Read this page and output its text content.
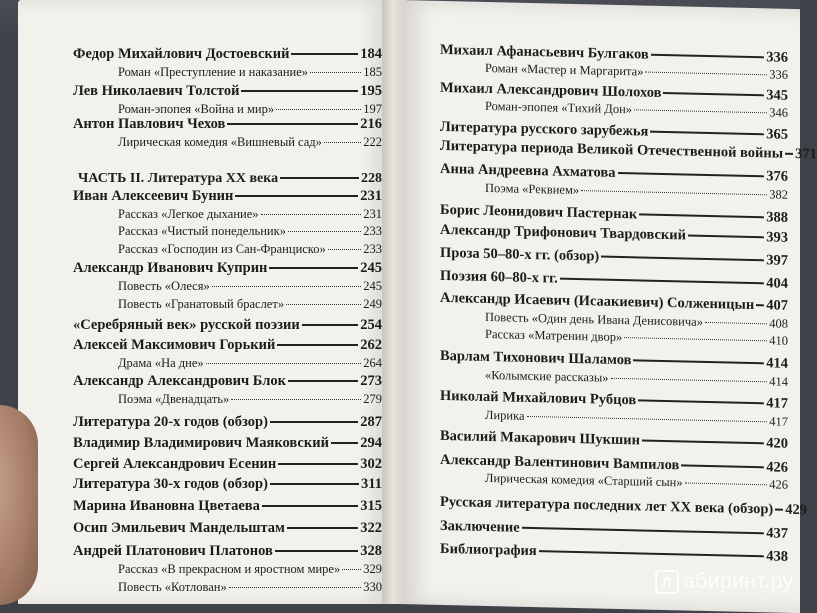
Федор Михайлович Достоевский	184
Роман «Преступление и наказание»	185
Лев Николаевич Толстой	195
Роман-эпопея «Война и мир»	197
Антон Павлович Чехов	216
Лирическая комедия «Вишневый сад»	222
ЧАСТЬ II. Литература XX века	228
Иван Алексеевич Бунин	231
Рассказ «Легкое дыхание»	231
Рассказ «Чистый понедельник»	233
Рассказ «Господин из Сан-Франциско»	233
Александр Иванович Куприн	245
Повесть «Олеся»	245
Повесть «Гранатовый браслет»	249
«Серебряный век» русской поэзии	254
Алексей Максимович Горький	262
Драма «На дне»	264
Александр Александрович Блок	273
Поэма «Двенадцать»	279
Литература 20-х годов (обзор)	287
Владимир Владимирович Маяковский 294
Сергей Александрович Есенин	302
Литература 30-х годов (обзор)	311
Марина Ивановна Цветаева	315
Осип Эмильевич Мандельштам	322
Андрей Платонович Платонов	328
Рассказ «В прекрасном и яростном мире» 329
Повесть «Котлован»	330
Михаил Афанасьевич Булгаков	336
Роман «Мастер и Маргарита»	336
Михаил Александрович Шолохов	345
Роман-эпопея «Тихий Дон»	346
Литература русского зарубежья	365
Литература периода Великой Отечественной войны 371
Анна Андреевна Ахматова	376
Поэма «Реквием»	382
Борис Леонидович Пастернак	388
Александр Трифонович Твардовский	393
Проза 50–80-х гг. (обзор)	397
Поэзия 60–80-х гг.	404
Александр Исаевич (Исаакиевич) Солженицын 407
Повесть «Один день Ивана Денисовича»	408
Рассказ «Матренин двор»	410
Варлам Тихонович Шаламов	414
«Колымские рассказы»	414
Николай Михайлович Рубцов	417
Лирика	417
Василий Макарович Шукшин	420
Александр Валентинович Вампилов	426
Лирическая комедия «Старший сын»	426
Русская литература последних лет XX века (обзор) 429
Заключение	437
Библиография	438
Л абиринт.ру
